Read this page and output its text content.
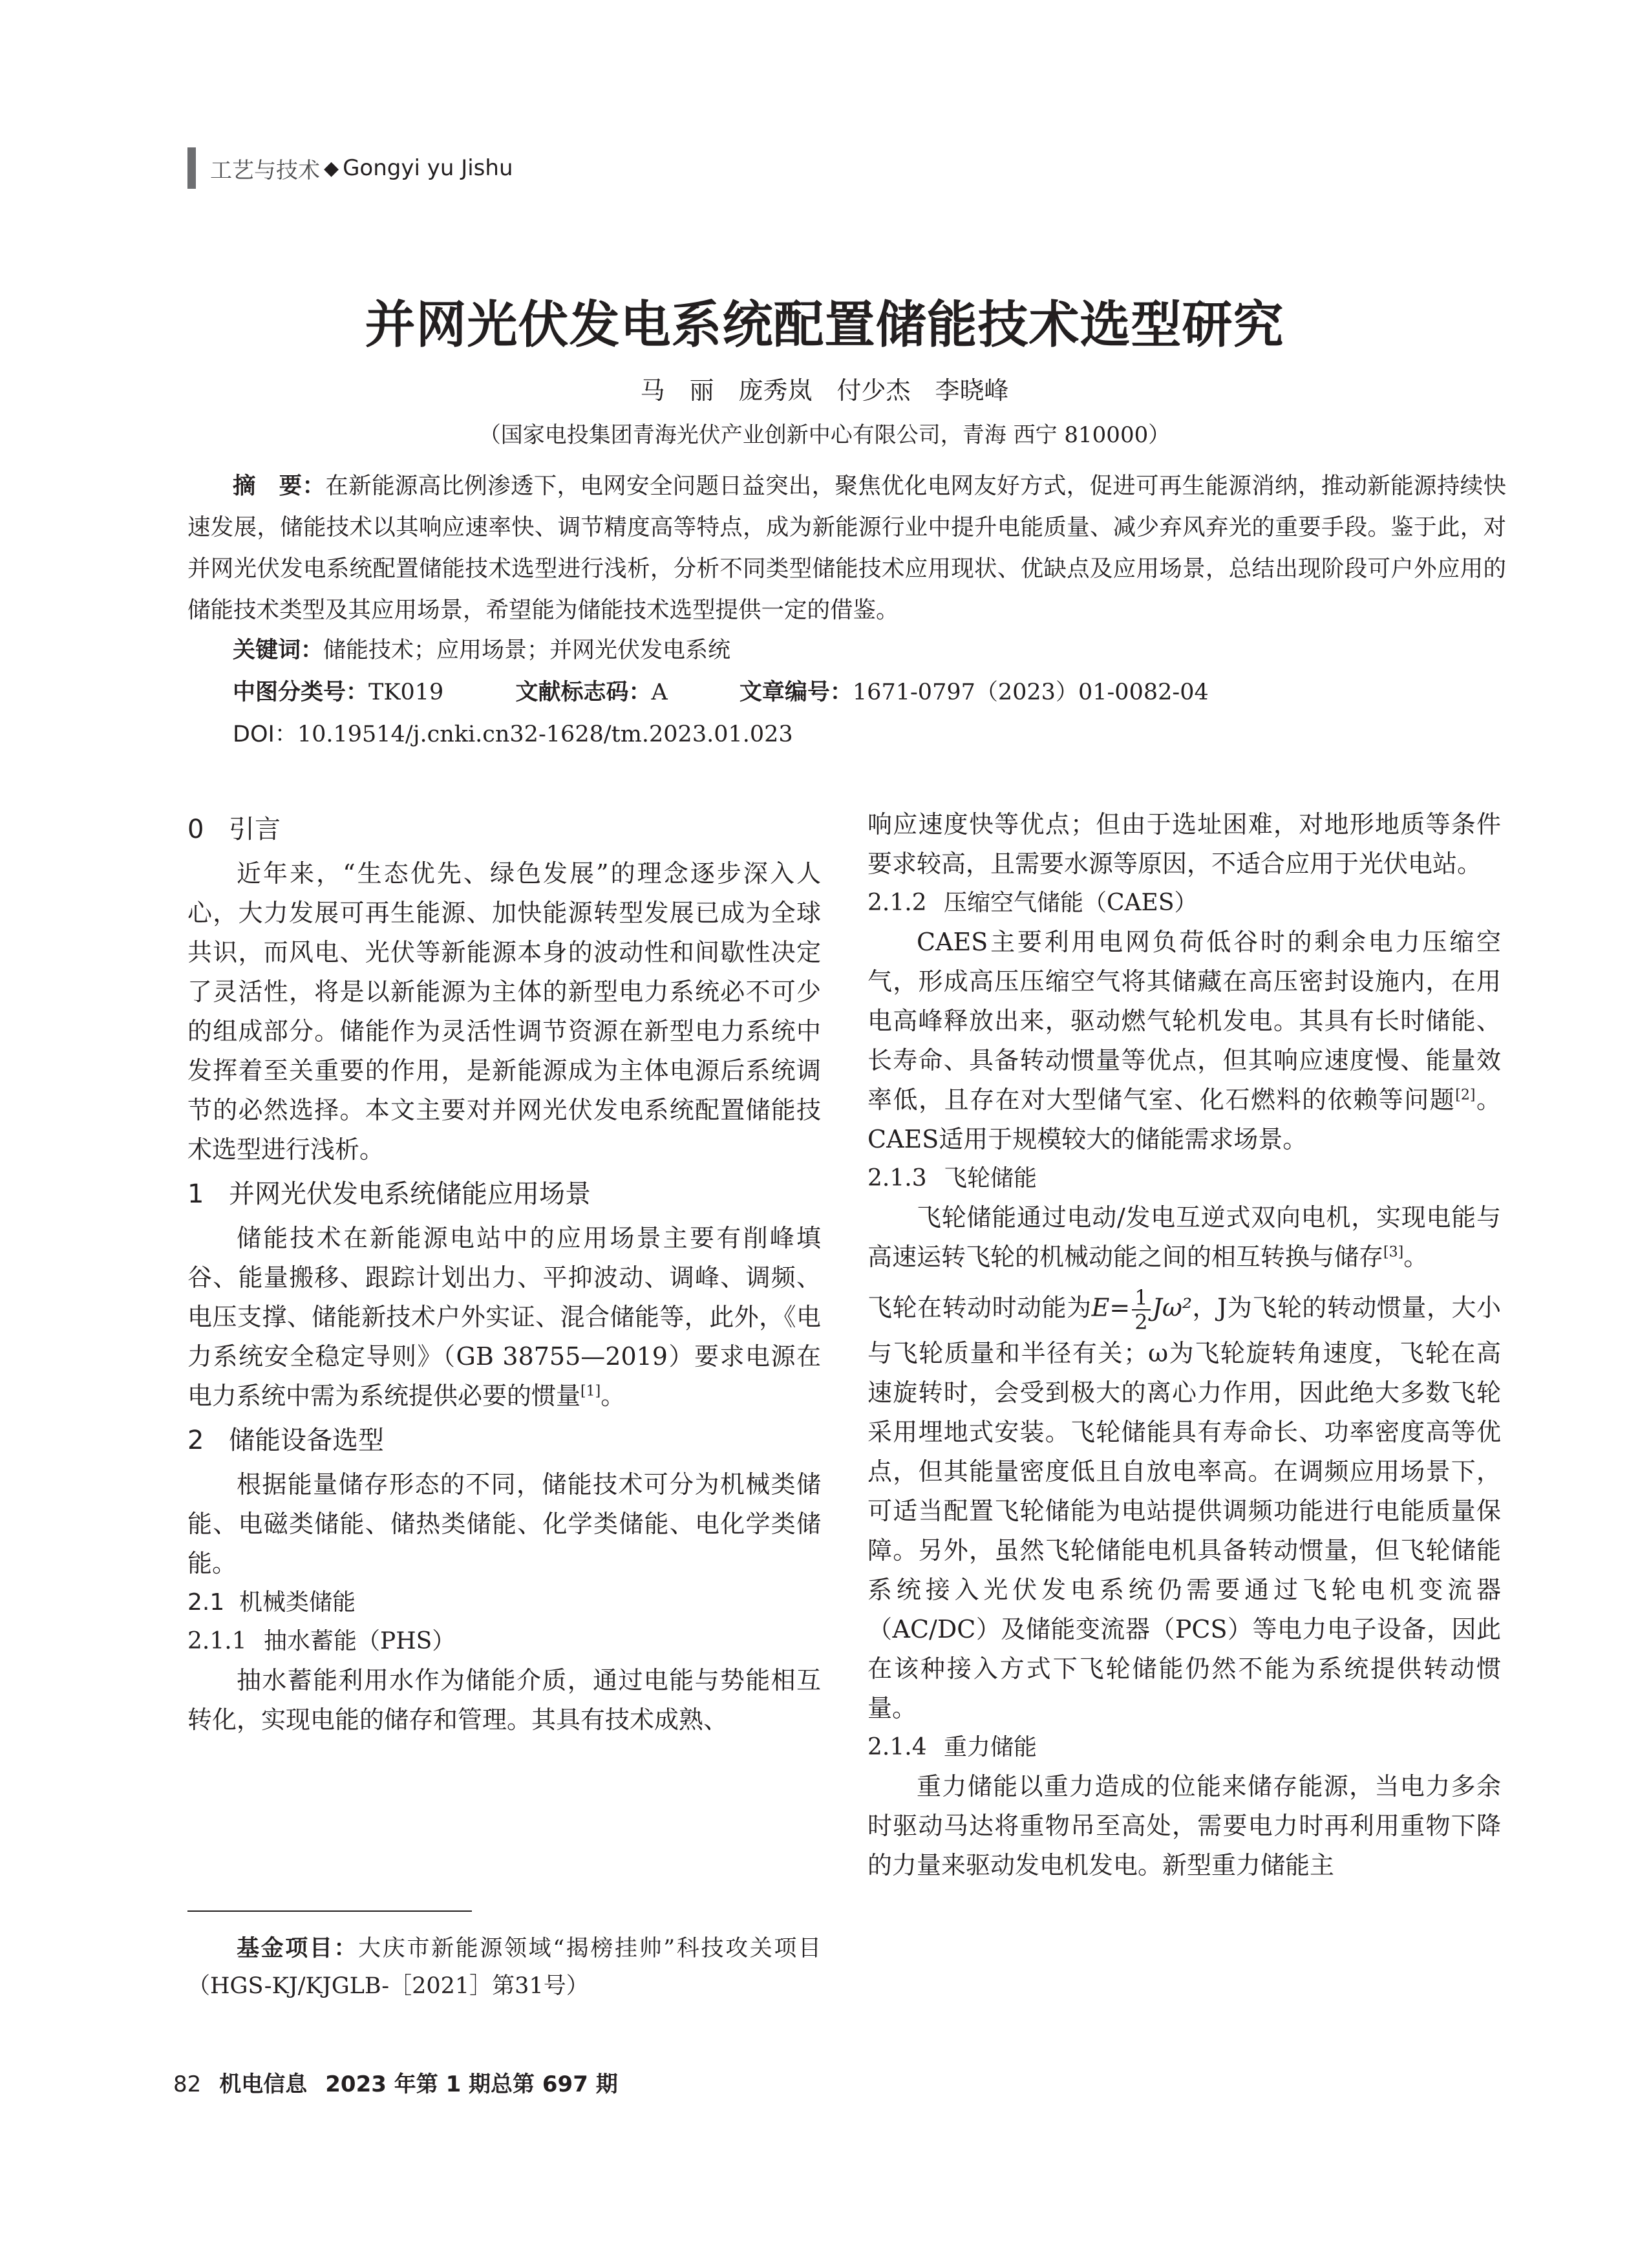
工艺与技术 ◆ Gongyi yu Jishu
并网光伏发电系统配置储能技术选型研究
马　丽　庞秀岚　付少杰　李晓峰
（国家电投集团青海光伏产业创新中心有限公司，青海 西宁 810000）
摘　要：在新能源高比例渗透下，电网安全问题日益突出，聚焦优化电网友好方式，促进可再生能源消纳，推动新能源持续快速发展，储能技术以其响应速率快、调节精度高等特点，成为新能源行业中提升电能质量、减少弃风弃光的重要手段。鉴于此，对并网光伏发电系统配置储能技术选型进行浅析，分析不同类型储能技术应用现状、优缺点及应用场景，总结出现阶段可户外应用的储能技术类型及其应用场景，希望能为储能技术选型提供一定的借鉴。
关键词：储能技术；应用场景；并网光伏发电系统
中图分类号：TK019	文献标志码：A	文章编号：1671-0797（2023）01-0082-04
DOI：10.19514/j.cnki.cn32-1628/tm.2023.01.023
0 引言

近年来，“生态优先、绿色发展”的理念逐步深入人心，大力发展可再生能源、加快能源转型发展已成为全球共识，而风电、光伏等新能源本身的波动性和间歇性决定了灵活性，将是以新能源为主体的新型电力系统必不可少的组成部分。储能作为灵活性调节资源在新型电力系统中发挥着至关重要的作用，是新能源成为主体电源后系统调节的必然选择。本文主要对并网光伏发电系统配置储能技术选型进行浅析。

1 并网光伏发电系统储能应用场景

储能技术在新能源电站中的应用场景主要有削峰填谷、能量搬移、跟踪计划出力、平抑波动、调峰、调频、电压支撑、储能新技术户外实证、混合储能等，此外，《电力系统安全稳定导则》（GB 38755—2019）要求电源在电力系统中需为系统提供必要的惯量[1]。

2 储能设备选型

根据能量储存形态的不同，储能技术可分为机械类储能、电磁类储能、储热类储能、化学类储能、电化学类储能。

2.1 机械类储能
2.1.1 抽水蓄能（PHS）

抽水蓄能利用水作为储能介质，通过电能与势能相互转化，实现电能的储存和管理。其具有技术成熟、

响应速度快等优点；但由于选址困难，对地形地质等条件要求较高，且需要水源等原因，不适合应用于光伏电站。

2.1.2 压缩空气储能（CAES）

CAES主要利用电网负荷低谷时的剩余电力压缩空气，形成高压压缩空气将其储藏在高压密封设施内，在用电高峰释放出来，驱动燃气轮机发电。其具有长时储能、长寿命、具备转动惯量等优点，但其响应速度慢、能量效率低，且存在对大型储气室、化石燃料的依赖等问题[2]。CAES适用于规模较大的储能需求场景。

2.1.3 飞轮储能

飞轮储能通过电动/发电互逆式双向电机，实现电能与高速运转飞轮的机械动能之间的相互转换与储存[3]。

飞轮在转动时动能为$E= \frac{1}{2} J\omega^2$，J为飞轮的转动惯量，大小与飞轮质量和半径有关；ω为飞轮旋转角速度，飞轮在高速旋转时，会受到极大的离心力作用，因此绝大多数飞轮采用埋地式安装。飞轮储能具有寿命长、功率密度高等优点，但其能量密度低且自放电率高。在调频应用场景下，可适当配置飞轮储能为电站提供调频功能进行电能质量保障。另外，虽然飞轮储能电机具备转动惯量，但飞轮储能系统接入光伏发电系统仍需要通过飞轮电机变流器（AC/DC）及储能变流器（PCS）等电力电子设备，因此在该种接入方式下飞轮储能仍然不能为系统提供转动惯量。

2.1.4 重力储能

重力储能以重力造成的位能来储存能源，当电力多余时驱动马达将重物吊至高处，需要电力时再利用重物下降的力量来驱动发电机发电。新型重力储能主

基金项目：大庆市新能源领域“揭榜挂帅”科技攻关项目（HGS-KJ/KJGLB-［2021］第31号）
82 机电信息 2023 年第 1 期总第 697 期
